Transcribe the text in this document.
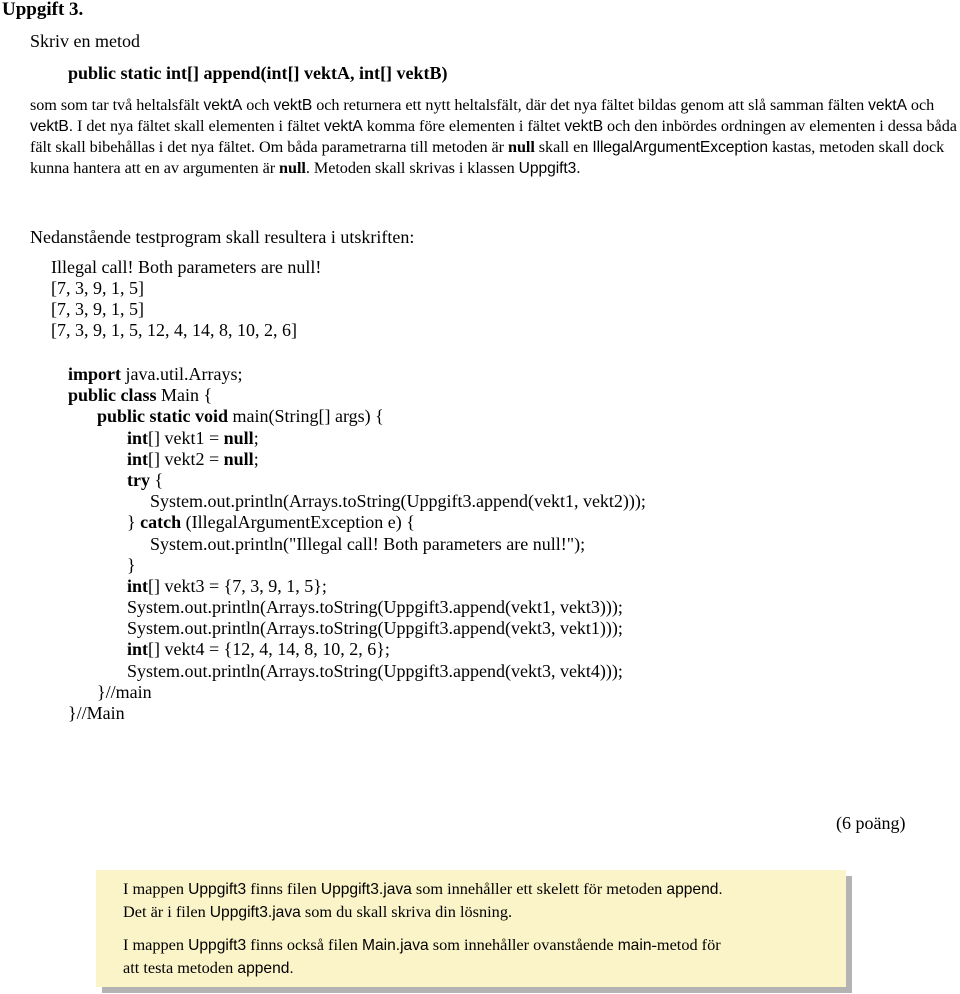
Uppgift 3.
Skriv en metod
public static int[] append(int[] vektA, int[] vektB)
som som tar två heltalsfält vektA och vektB och returnera ett nytt heltalsfält, där det nya fältet bildas genom att slå samman fälten vektA och vektB. I det nya fältet skall elementen i fältet vektA komma före elementen i fältet vektB och den inbördes ordningen av elementen i dessa båda fält skall bibehållas i det nya fältet. Om båda parametrarna till metoden är null skall en IllegalArgumentException kastas, metoden skall dock kunna hantera att en av argumenten är null. Metoden skall skrivas i klassen Uppgift3.
Nedanstående testprogram skall resultera i utskriften:
Illegal call! Both parameters are null!
[7, 3, 9, 1, 5]
[7, 3, 9, 1, 5]
[7, 3, 9, 1, 5, 12, 4, 14, 8, 10, 2, 6]
import java.util.Arrays;
public class Main {
public static void main(String[] args) {
int[] vekt1 = null;
int[] vekt2 = null;
try {
System.out.println(Arrays.toString(Uppgift3.append(vekt1, vekt2)));
} catch (IllegalArgumentException e) {
System.out.println("Illegal call! Both parameters are null!");
}
int[] vekt3 = {7, 3, 9, 1, 5};
System.out.println(Arrays.toString(Uppgift3.append(vekt1, vekt3)));
System.out.println(Arrays.toString(Uppgift3.append(vekt3, vekt1)));
int[] vekt4 = {12, 4, 14, 8, 10, 2, 6};
System.out.println(Arrays.toString(Uppgift3.append(vekt3, vekt4)));
}//main
}//Main
(6 poäng)

I mappen Uppgift3 finns filen Uppgift3.java som innehåller ett skelett för metoden append.

Det är i filen Uppgift3.java som du skall skriva din lösning.

I mappen Uppgift3 finns också filen Main.java som innehåller ovanstående main-metod för

att testa metoden append.
